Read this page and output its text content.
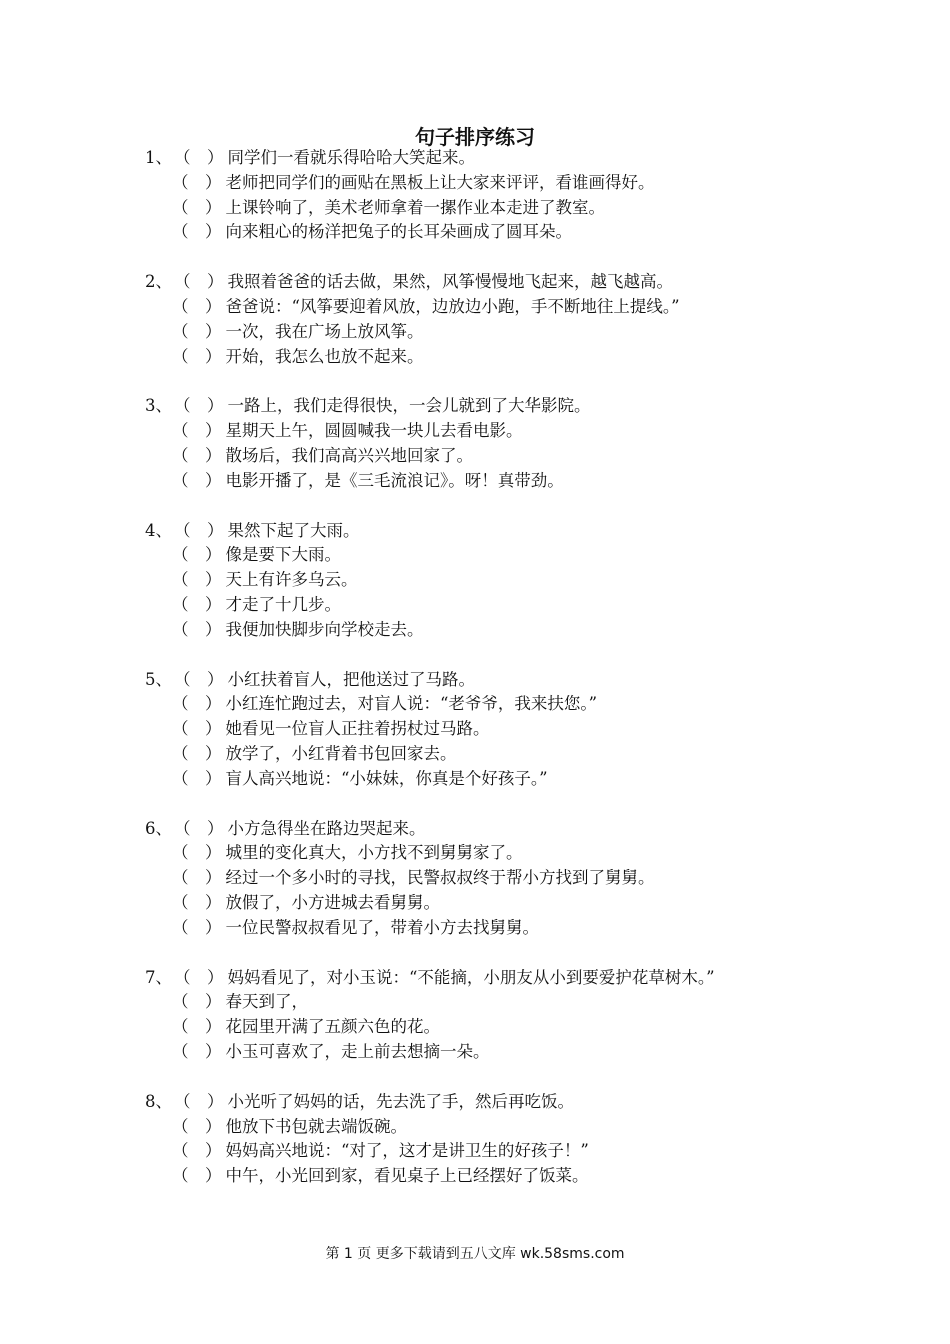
句子排序练习
1、 （　） 同学们一看就乐得哈哈大笑起来。
（　） 老师把同学们的画贴在黑板上让大家来评评，看谁画得好。
（　） 上课铃响了，美术老师拿着一摞作业本走进了教室。
（　） 向来粗心的杨洋把兔子的长耳朵画成了圆耳朵。
2、 （　） 我照着爸爸的话去做，果然，风筝慢慢地飞起来，越飞越高。
（　） 爸爸说：“风筝要迎着风放，边放边小跑，手不断地往上提线。”
（　） 一次，我在广场上放风筝。
（　） 开始，我怎么也放不起来。
3、 （　） 一路上，我们走得很快，一会儿就到了大华影院。
（　） 星期天上午，圆圆喊我一块儿去看电影。
（　） 散场后，我们高高兴兴地回家了。
（　） 电影开播了，是《三毛流浪记》。呀！真带劲。
4、 （　） 果然下起了大雨。
（　） 像是要下大雨。
（　） 天上有许多乌云。
（　） 才走了十几步。
（　） 我便加快脚步向学校走去。
5、 （　） 小红扶着盲人，把他送过了马路。
（　） 小红连忙跑过去，对盲人说：“老爷爷，我来扶您。”
（　） 她看见一位盲人正拄着拐杖过马路。
（　） 放学了，小红背着书包回家去。
（　） 盲人高兴地说：“小妹妹，你真是个好孩子。”
6、 （　） 小方急得坐在路边哭起来。
（　） 城里的变化真大，小方找不到舅舅家了。
（　） 经过一个多小时的寻找，民警叔叔终于帮小方找到了舅舅。
（　） 放假了，小方进城去看舅舅。
（　） 一位民警叔叔看见了，带着小方去找舅舅。
7、 （　） 妈妈看见了，对小玉说：“不能摘，小朋友从小到要爱护花草树木。”
（　） 春天到了，
（　） 花园里开满了五颜六色的花。
（　） 小玉可喜欢了，走上前去想摘一朵。
8、 （　） 小光听了妈妈的话，先去洗了手，然后再吃饭。
（　） 他放下书包就去端饭碗。
（　） 妈妈高兴地说：“对了，这才是讲卫生的好孩子！”
（　） 中午，小光回到家，看见桌子上已经摆好了饭菜。
第 1 页 更多下载请到五八文库 wk.58sms.com
